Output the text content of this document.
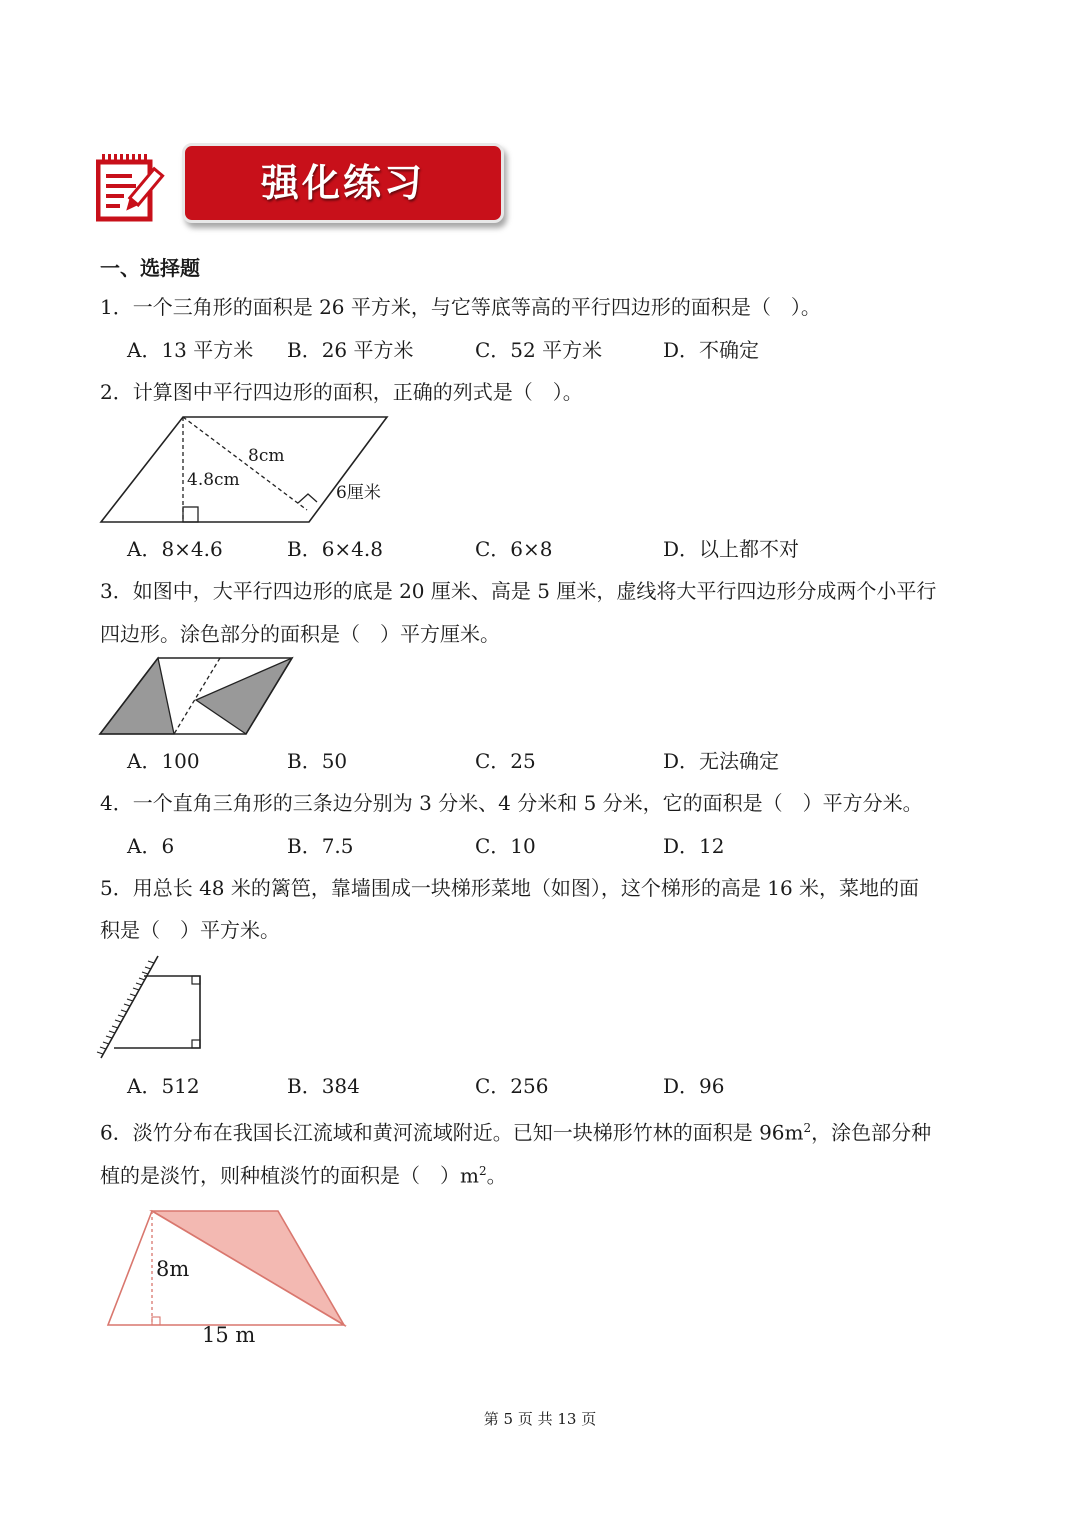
强化练习
一、选择题
1．一个三角形的面积是 26 平方米，与它等底等高的平行四边形的面积是（　）。
A．13 平方米 B．26 平方米	C．52 平方米	D．不确定
2．计算图中平行四边形的面积，正确的列式是（　）。
8cm
4.8cm
6厘米
A．8×4.6	B．6×4.8	C．6×8	D．以上都不对
3．如图中，大平行四边形的底是 20 厘米、高是 5 厘米，虚线将大平行四边形分成两个小平行
四边形。涂色部分的面积是（　）平方厘米。
A．100	B．50	C．25	D．无法确定
4．一个直角三角形的三条边分别为 3 分米、4 分米和 5 分米，它的面积是（　）平方分米。
A．6	B．7.5	C．10	D．12
5．用总长 48 米的篱笆，靠墙围成一块梯形菜地（如图），这个梯形的高是 16 米，菜地的面
积是（　）平方米。
A．512	B．384	C．256	D．96
6．淡竹分布在我国长江流域和黄河流域附近。已知一块梯形竹林的面积是 $96m^2$，涂色部分种
植的是淡竹，则种植淡竹的面积是（　）$m^2$。
8m
15 m
第 5 页 共 13 页
